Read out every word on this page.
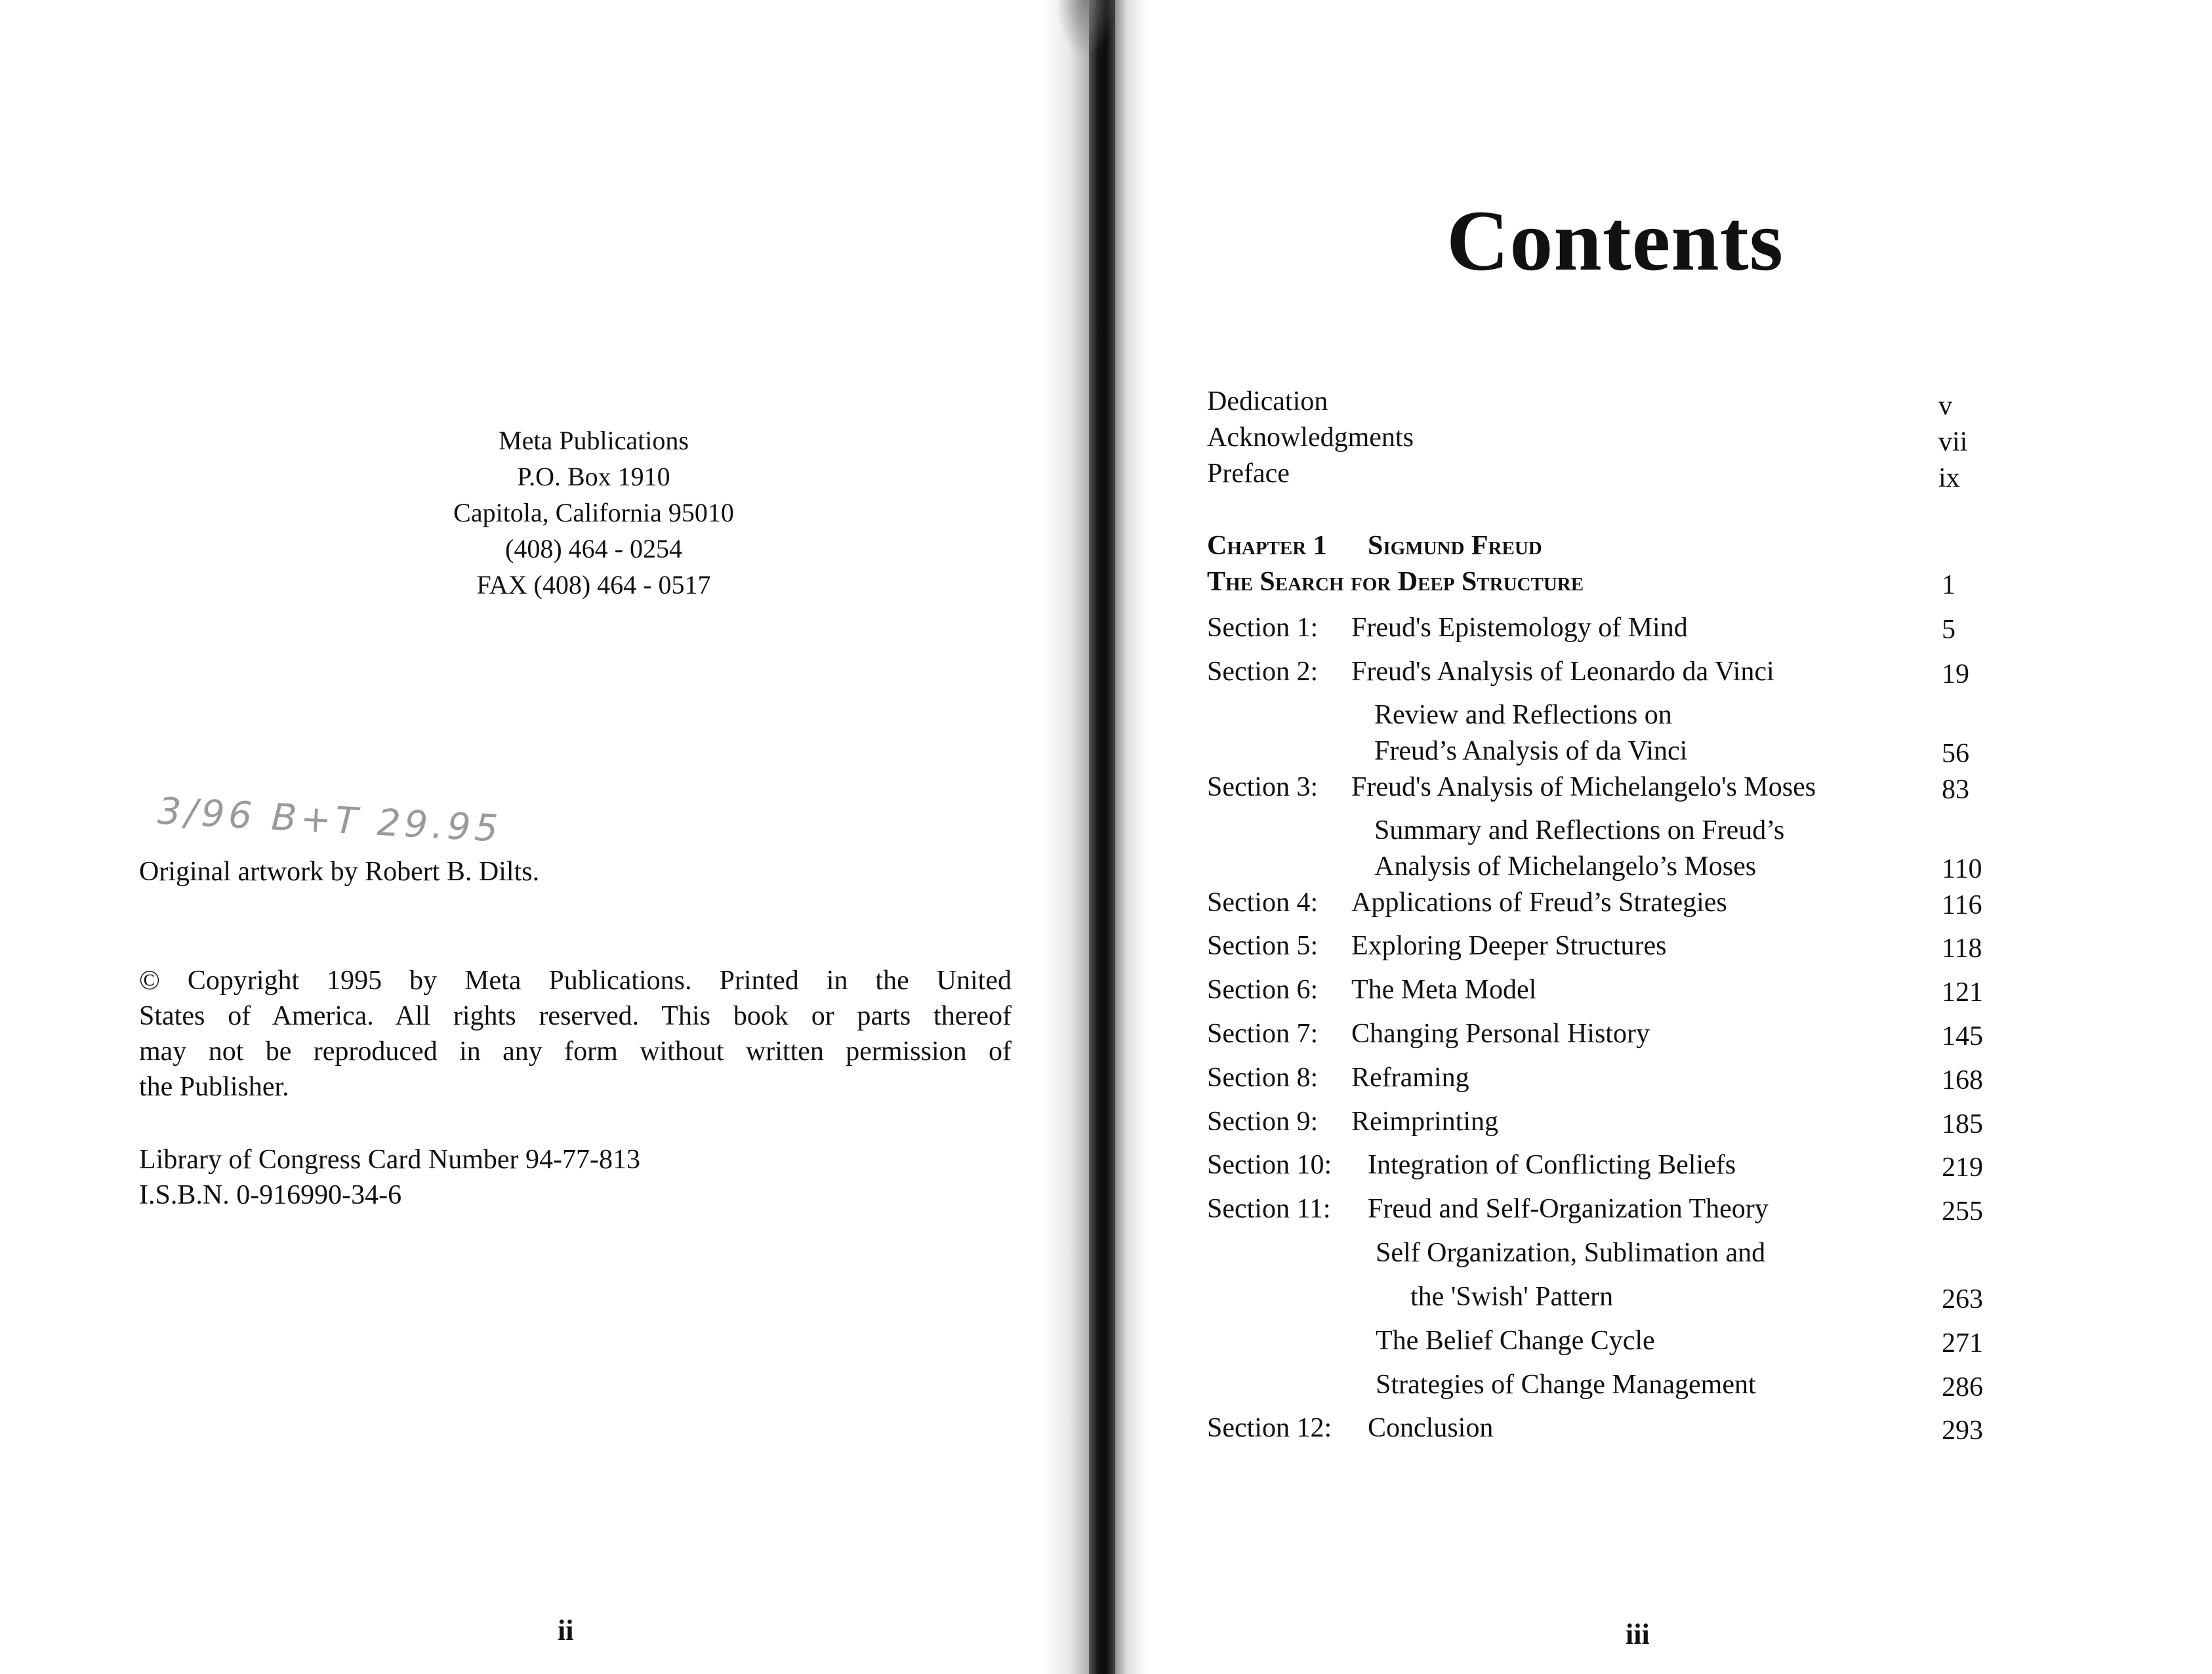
Meta Publications
P.O. Box 1910
Capitola, California 95010
(408) 464 - 0254
FAX (408) 464 - 0517
3/96 B+T 29.95
Original artwork by Robert B. Dilts.
© Copyright 1995 by Meta Publications. Printed in the United
States of America. All rights reserved. This book or parts thereof
may not be reproduced in any form without written permission of
the Publisher.
Library of Congress Card Number 94-77-813
I.S.B.N. 0-916990-34-6
ii
Contents
Dedication	v
Acknowledgments	vii
Preface	ix
Chapter 1 Sigmund Freud
The Search for Deep Structure	1
Section 1: Freud's Epistemology of Mind	5
Section 2: Freud's Analysis of Leonardo da Vinci	19
Review and Reflections on
Freud’s Analysis of da Vinci	56
Section 3: Freud's Analysis of Michelangelo's Moses	83
Summary and Reflections on Freud’s
Analysis of Michelangelo’s Moses	110
Section 4: Applications of Freud’s Strategies	116
Section 5: Exploring Deeper Structures	118
Section 6: The Meta Model	121
Section 7: Changing Personal History	145
Section 8: Reframing	168
Section 9: Reimprinting	185
Section 10: Integration of Conflicting Beliefs	219
Section 11: Freud and Self-Organization Theory	255
Self Organization, Sublimation and
the 'Swish' Pattern	263
The Belief Change Cycle	271
Strategies of Change Management	286
Section 12: Conclusion	293
iii
